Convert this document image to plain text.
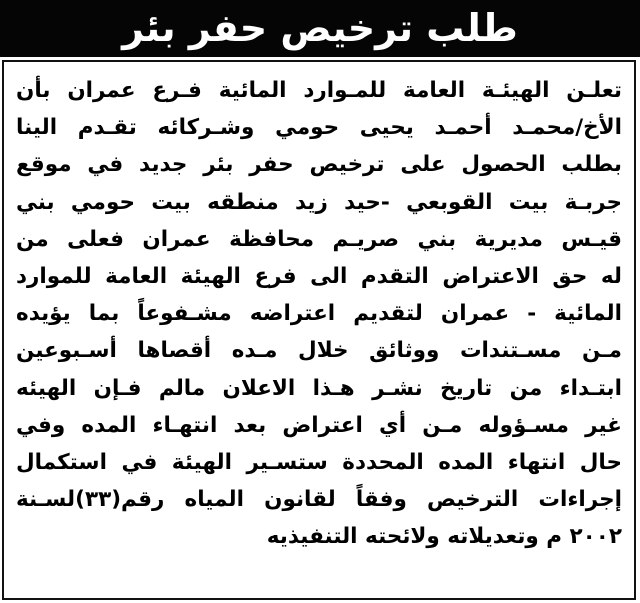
طلب ترخيص حفر بئر
تعلـن الهيئـة العامة للمـوارد المائية فـرع عمران بأن
الأخ/محمـد أحمـد يحيى حومي وشـركائه تقـدم الينا
بطلب الحصول على ترخيص حفر بئر جديد في موقع
جربـة بيت القوبعي -حيد زيد منطقه بيت حومي بني
قيـس مديرية بني صريـم محافظة عمران فعلى من
له حق الاعتراض التقدم الى فرع الهيئة العامة للموارد
المائية - عمران لتقديم اعتراضه مشـفوعاً بما يؤيده
مـن مسـتندات ووثائق خلال مـده أقصاها أسـبوعين
ابتـداء من تاريخ نشـر هـذا الاعلان مالم فـإن الهيئه
غير مسـؤوله مـن أي اعتراض بعد انتهـاء المده وفي
حال انتهاء المده المحددة ستسـير الهيئة في استكمال
إجراءات الترخيص وفقاً لقانون المياه رقم(٣٣)لسـنة
٢٠٠٢ م وتعديلاته ولائحته التنفيذيه
